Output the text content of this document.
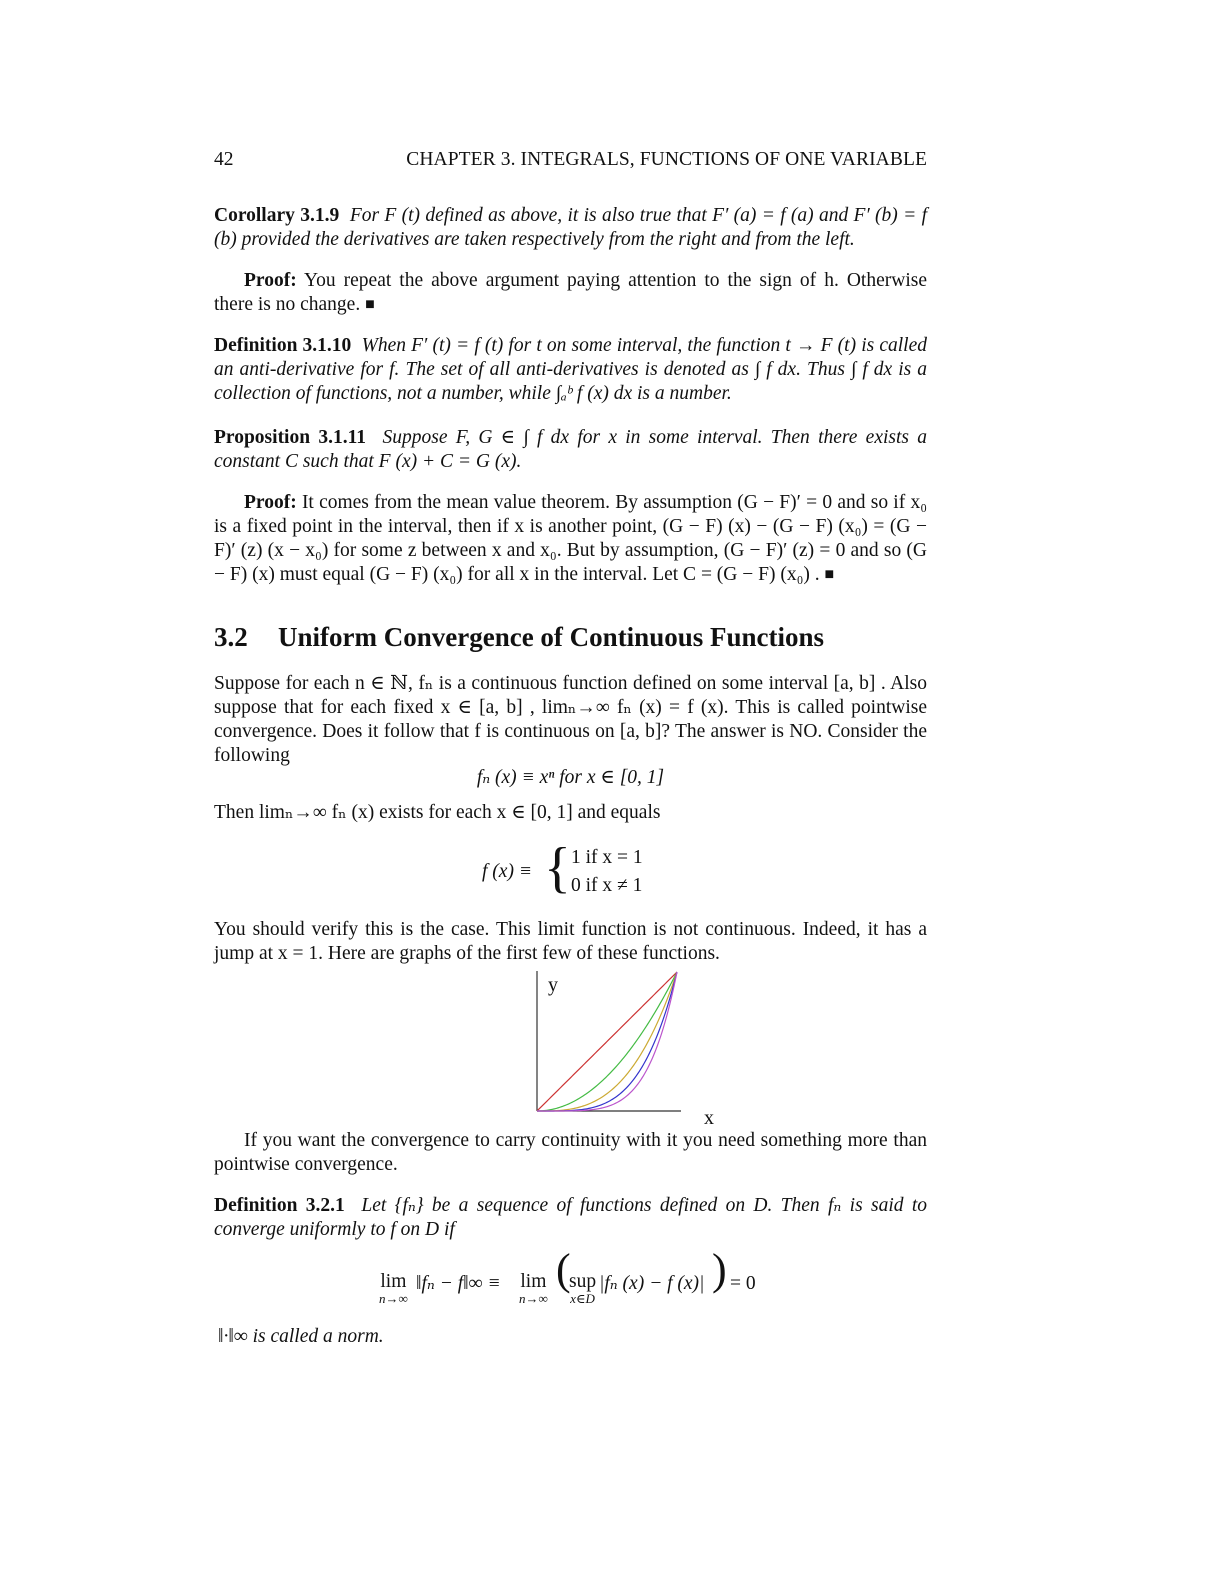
42	CHAPTER 3. INTEGRALS, FUNCTIONS OF ONE VARIABLE

Corollary 3.1.9 For F (t) defined as above, it is also true that F′ (a) = f (a) and F′ (b) = f (b) provided the derivatives are taken respectively from the right and from the left.

Proof: You repeat the above argument paying attention to the sign of h. Otherwise there is no change. ■

Definition 3.1.10 When F′ (t) = f (t) for t on some interval, the function t → F (t) is called an anti-derivative for f. The set of all anti-derivatives is denoted as ∫ f dx. Thus ∫ f dx is a collection of functions, not a number, while ∫ₐᵇ f (x) dx is a number.

Proposition 3.1.11 Suppose F, G ∈ ∫ f dx for x in some interval. Then there exists a constant C such that F (x) + C = G (x).

Proof: It comes from the mean value theorem. By assumption (G − F)′ = 0 and so if x₀ is a fixed point in the interval, then if x is another point, (G − F) (x) − (G − F) (x₀) = (G − F)′ (z) (x − x₀) for some z between x and x₀. But by assumption, (G − F)′ (z) = 0 and so (G − F) (x) must equal (G − F) (x₀) for all x in the interval. Let C = (G − F) (x₀) . ■

3.2 Uniform Convergence of Continuous Functions

Suppose for each n ∈ ℕ, fₙ is a continuous function defined on some interval [a, b] . Also suppose that for each fixed x ∈ [a, b] , limₙ→∞ fₙ (x) = f (x). This is called pointwise convergence. Does it follow that f is continuous on [a, b]? The answer is NO. Consider the following

fₙ (x) ≡ xⁿ for x ∈ [0, 1]

Then limₙ→∞ fₙ (x) exists for each x ∈ [0, 1] and equals

f (x) ≡ { 1 if x = 1
0 if x ≠ 1

You should verify this is the case. This limit function is not continuous. Indeed, it has a jump at x = 1. Here are graphs of the first few of these functions.

y
x

If you want the convergence to carry continuity with it you need something more than pointwise convergence.

Definition 3.2.1 Let {fₙ} be a sequence of functions defined on D. Then fₙ is said to converge uniformly to f on D if

lim
n→∞
‖fₙ − f‖∞ ≡ lim
n→∞
(
sup
x∈D
|fₙ (x) − f (x)| ) = 0
‖·‖∞ is called a norm.
